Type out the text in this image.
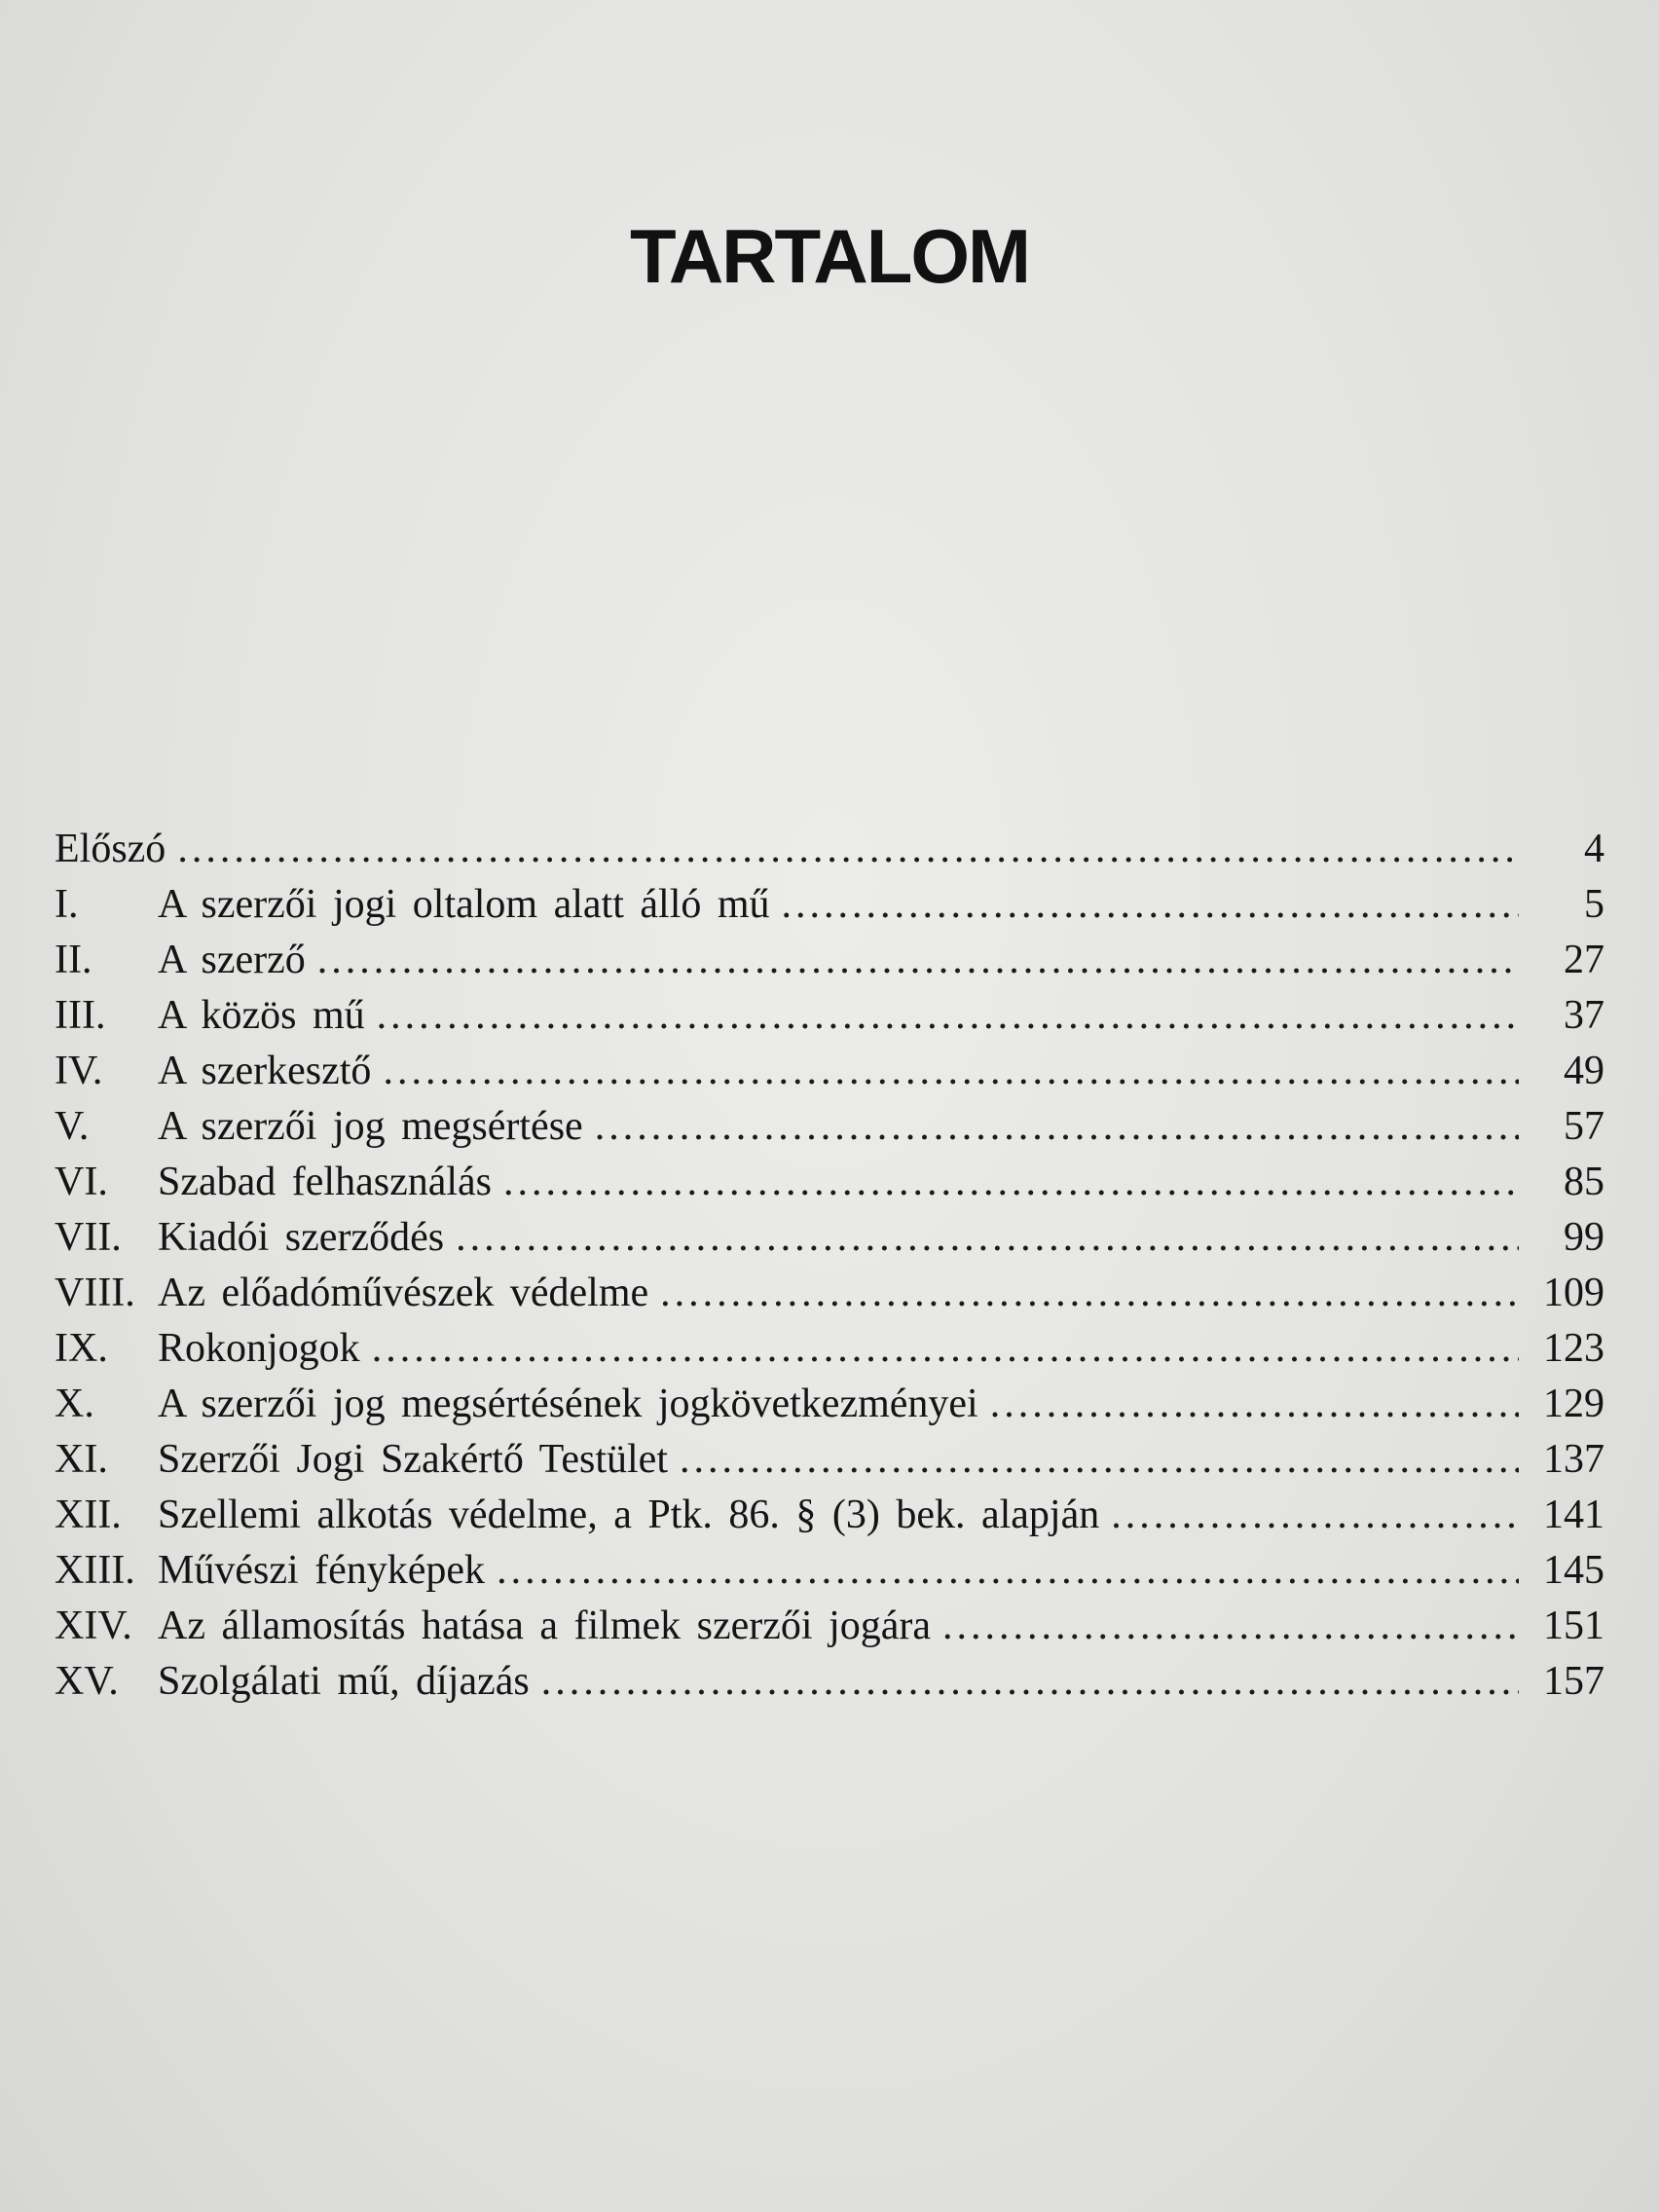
TARTALOM
Előszó .....	4
I.	A szerzői jogi oltalom alatt álló mű .....	5
II.	A szerző .....	27
III.	A közös mű .....	37
IV.	A szerkesztő .....	49
V.	A szerzői jog megsértése .....	57
VI.	Szabad felhasználás .....	85
VII. Kiadói szerződés .....	99
VIII. Az előadóművészek védelme .....	109
IX.	Rokonjogok .....	123
X.	A szerzői jog megsértésének jogkövetkezményei .....	129
XI.	Szerzői Jogi Szakértő Testület .....	137
XII. Szellemi alkotás védelme, a Ptk. 86. § (3) bek. alapján .....	141
XIII. Művészi fényképek .....	145
XIV. Az államosítás hatása a filmek szerzői jogára .....	151
XV. Szolgálati mű, díjazás .....	157
